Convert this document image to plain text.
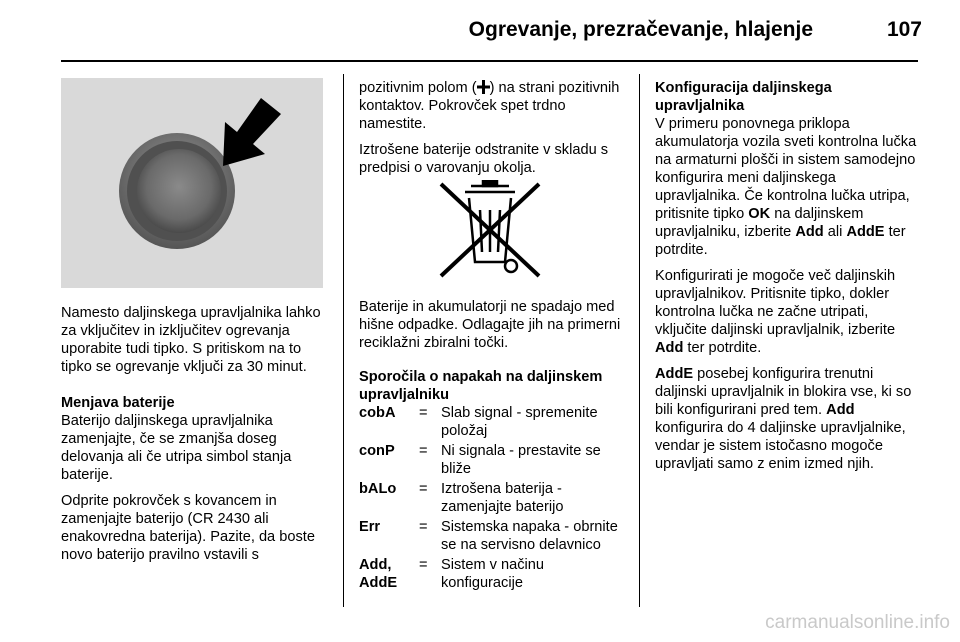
Ogrevanje, prezračevanje, hlajenje	107

Namesto daljinskega upravljalnika lahko za vključitev in izključitev ogrevanja uporabite tudi tipko. S pritiskom na to tipko se ogrevanje vključi za 30 minut.

Menjava baterije

Baterijo daljinskega upravljalnika zamenjajte, če se zmanjša doseg delovanja ali če utripa simbol stanja baterije.

Odprite pokrovček s kovancem in zamenjajte baterijo (CR 2430 ali enakovredna baterija). Pazite, da boste novo baterijo pravilno vstavili s

pozitivnim polom ( ) na strani pozitivnih kontaktov. Pokrovček spet trdno namestite.

Iztrošene baterije odstranite v skladu s predpisi o varovanju okolja.

Baterije in akumulatorji ne spadajo med hišne odpadke. Odlagajte jih na primerni reciklažni zbiralni točki.

Sporočila o napakah na daljinskem upravljalniku
cobA	=	Slab signal - spremenite položaj
conP	=	Ni signala - prestavite se bliže
bALo	=	Iztrošena baterija - zamenjajte baterijo
Err	=	Sistemska napaka - obrnite se na servisno delavnico
Add, AddE	=	Sistem v načinu konfiguracije
Konfiguracija daljinskega upravljalnika

V primeru ponovnega priklopa akumulatorja vozila sveti kontrolna lučka na armaturni plošči in sistem samodejno konfigurira meni daljinskega upravljalnika. Če kontrolna lučka utripa, pritisnite tipko OK na daljinskem upravljalniku, izberite Add ali AddE ter potrdite.

Konfigurirati je mogoče več daljinskih upravljalnikov. Pritisnite tipko, dokler kontrolna lučka ne začne utripati, vključite daljinski upravljalnik, izberite Add ter potrdite.

AddE posebej konfigurira trenutni daljinski upravljalnik in blokira vse, ki so bili konfigurirani pred tem. Add konfigurira do 4 daljinske upravljalnike, vendar je sistem istočasno mogoče upravljati samo z enim izmed njih.

carmanualsonline.info
